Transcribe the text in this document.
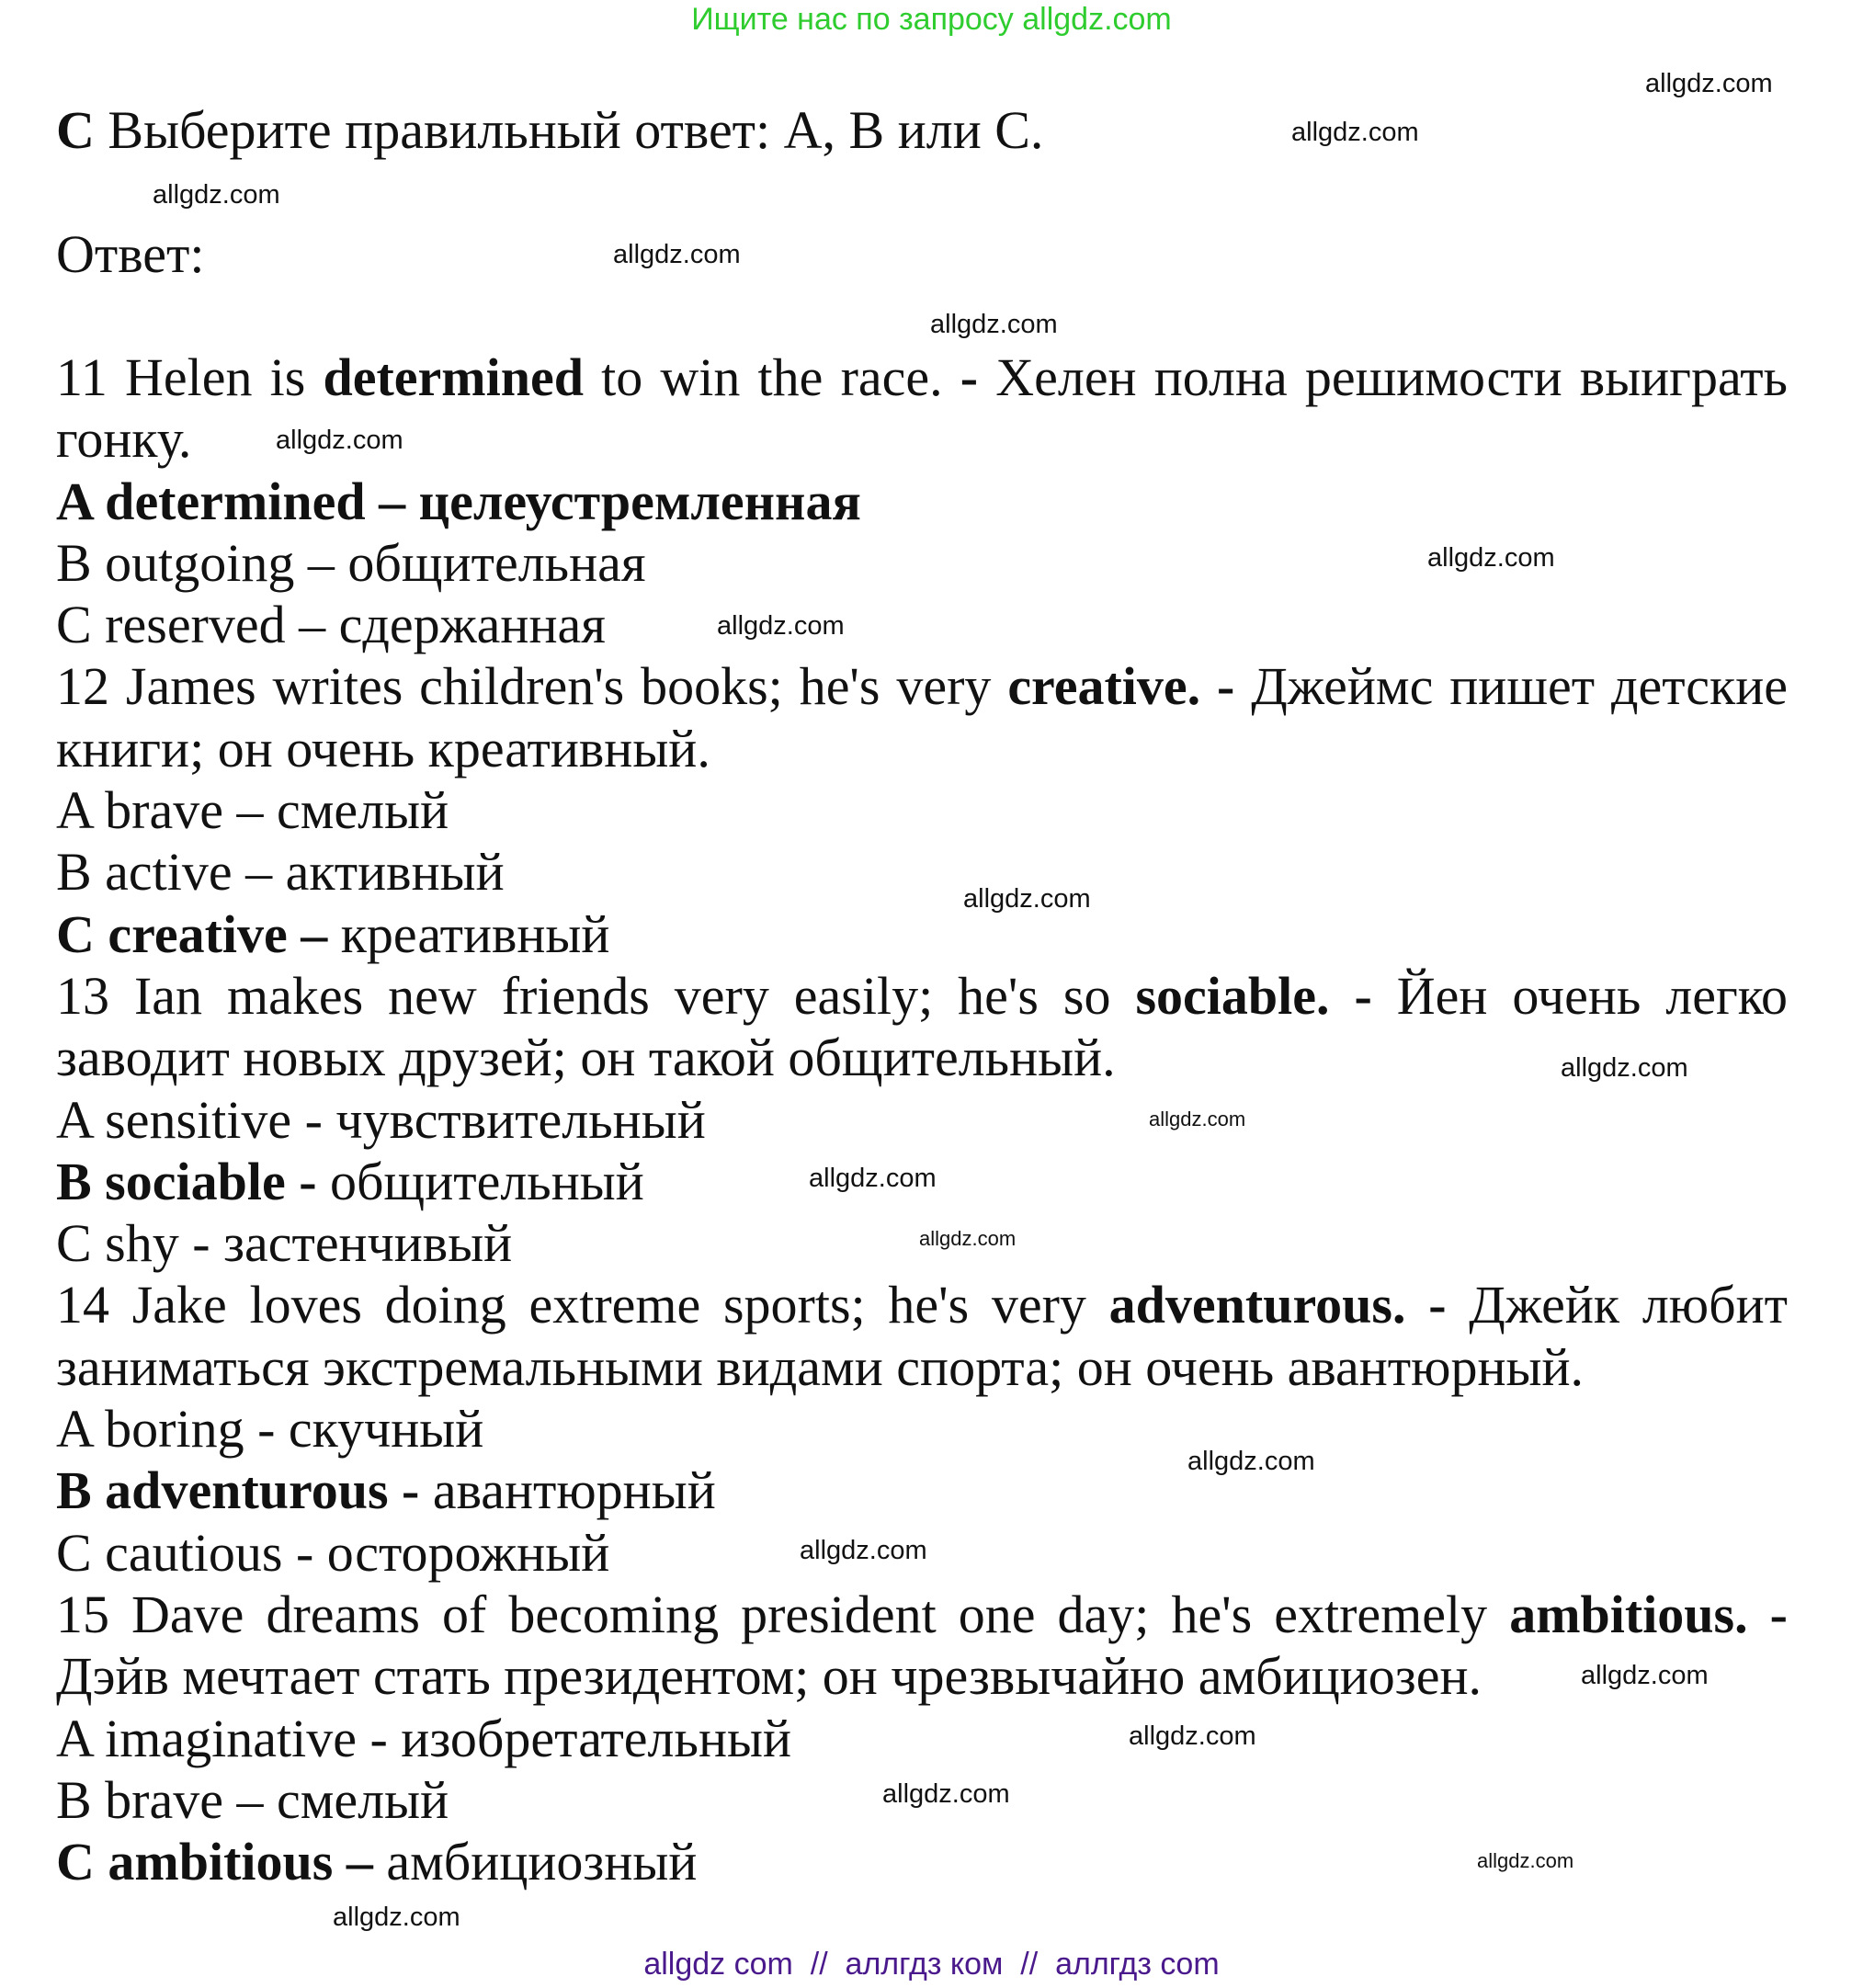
Ищите нас по запросу allgdz.com
С Выберите правильный ответ: А, В или С.
Ответ:
11 Helen is determined to win the race. - Хелен полна решимости выиграть
гонку.
A determined – целеустремленная
B outgoing – общительная
C reserved – сдержанная
12 James writes children's books; he's very creative. - Джеймс пишет детские
книги; он очень креативный.
A brave – смелый
B active – активный
C creative – креативный
13 Ian makes new friends very easily; he's so sociable. - Йен очень легко
заводит новых друзей; он такой общительный.
A sensitive - чувствительный
B sociable - общительный
C shy - застенчивый
14 Jake loves doing extreme sports; he's very adventurous. - Джейк любит
заниматься экстремальными видами спорта; он очень авантюрный.
A boring - скучный
B adventurous - авантюрный
C cautious - осторожный
15 Dave dreams of becoming president one day; he's extremely ambitious. -
Дэйв мечтает стать президентом; он чрезвычайно амбициозен.
A imaginative - изобретательный
B brave – смелый
C ambitious – амбициозный
allgdz.com
allgdz.com
allgdz.com
allgdz.com
allgdz.com
allgdz.com
allgdz.com
allgdz.com
allgdz.com
allgdz.com
allgdz.com
allgdz.com
allgdz.com
allgdz.com
allgdz.com
allgdz.com
allgdz.com
allgdz.com
allgdz.com
allgdz.com
allgdz com  //  аллгдз ком  //  аллгдз com
